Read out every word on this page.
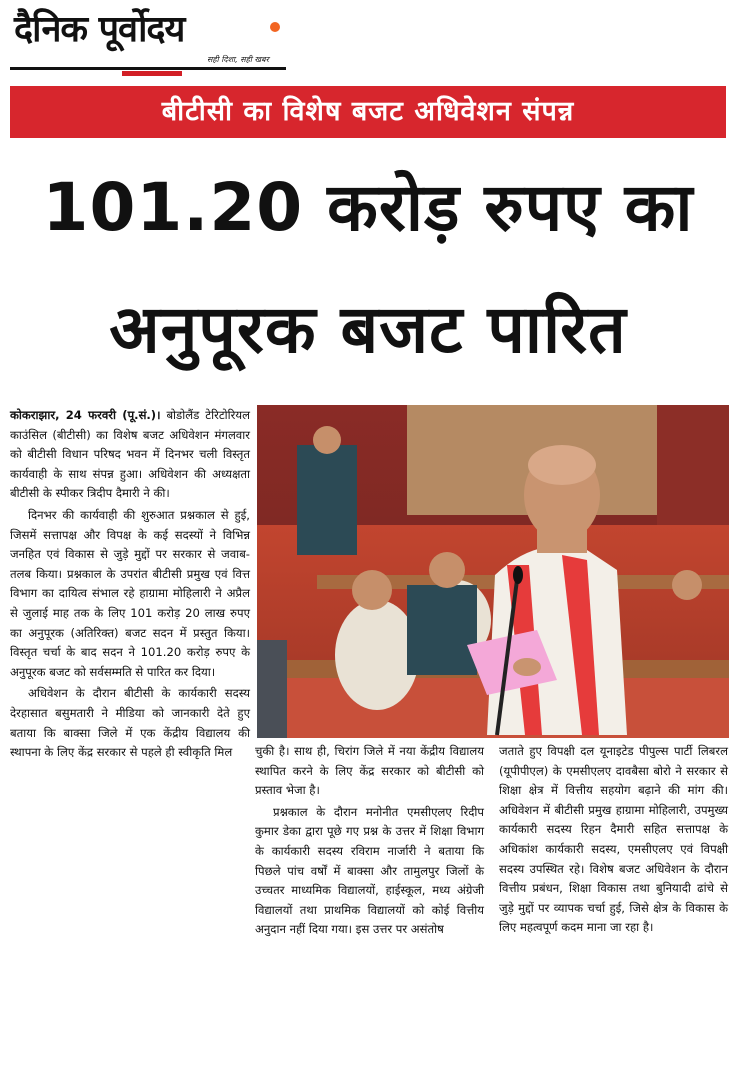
दैनिक पूर्वोदय
सही दिशा, सही खबर
बीटीसी का विशेष बजट अधिवेशन संपन्न
101.20 करोड़ रुपए का
अनुपूरक बजट पारित

कोकराझार, 24 फरवरी (पू.सं.)। बोडोलैंड टेरिटोरियल काउंसिल (बीटीसी) का विशेष बजट अधिवेशन मंगलवार को बीटीसी विधान परिषद भवन में दिनभर चली विस्तृत कार्यवाही के साथ संपन्न हुआ। अधिवेशन की अध्यक्षता बीटीसी के स्पीकर त्रिदीप दैमारी ने की।

दिनभर की कार्यवाही की शुरुआत प्रश्नकाल से हुई, जिसमें सत्तापक्ष और विपक्ष के कई सदस्यों ने विभिन्न जनहित एवं विकास से जुड़े मुद्दों पर सरकार से जवाब-तलब किया। प्रश्नकाल के उपरांत बीटीसी प्रमुख एवं वित्त विभाग का दायित्व संभाल रहे हाग्रामा मोहिलारी ने अप्रैल से जुलाई माह तक के लिए 101 करोड़ 20 लाख रुपए का अनुपूरक (अतिरिक्त) बजट सदन में प्रस्तुत किया। विस्तृत चर्चा के बाद सदन ने 101.20 करोड़ रुपए के अनुपूरक बजट को सर्वसम्मति से पारित कर दिया।

अधिवेशन के दौरान बीटीसी के कार्यकारी सदस्य देरहासात बसुमतारी ने मीडिया को जानकारी देते हुए बताया कि बाक्सा जिले में एक केंद्रीय विद्यालय की स्थापना के लिए केंद्र सरकार से पहले ही स्वीकृति मिल	चुकी है। साथ ही, चिरांग जिले में नया केंद्रीय विद्यालय स्थापित करने के लिए केंद्र सरकार को बीटीसी को प्रस्ताव भेजा है।

प्रश्नकाल के दौरान मनोनीत एमसीएलए रिदीप कुमार डेका द्वारा पूछे गए प्रश्न के उत्तर में शिक्षा विभाग के कार्यकारी सदस्य रविराम नार्जारी ने बताया कि पिछले पांच वर्षों में बाक्सा और तामुलपुर जिलों के उच्चतर माध्यमिक विद्यालयों, हाईस्कूल, मध्य अंग्रेजी विद्यालयों तथा प्राथमिक विद्यालयों को कोई वित्तीय अनुदान नहीं दिया गया। इस उत्तर पर असंतोष

जताते हुए विपक्षी दल यूनाइटेड पीपुल्स पार्टी लिबरल (यूपीपीएल) के एमसीएलए दावबैसा बोरो ने सरकार से शिक्षा क्षेत्र में वित्तीय सहयोग बढ़ाने की मांग की। अधिवेशन में बीटीसी प्रमुख हाग्रामा मोहिलारी, उपमुख्य कार्यकारी सदस्य रिहन दैमारी सहित सत्तापक्ष के अधिकांश कार्यकारी सदस्य, एमसीएलए एवं विपक्षी सदस्य उपस्थित रहे। विशेष बजट अधिवेशन के दौरान वित्तीय प्रबंधन, शिक्षा विकास तथा बुनियादी ढांचे से जुड़े मुद्दों पर व्यापक चर्चा हुई, जिसे क्षेत्र के विकास के लिए महत्वपूर्ण कदम माना जा रहा है।
